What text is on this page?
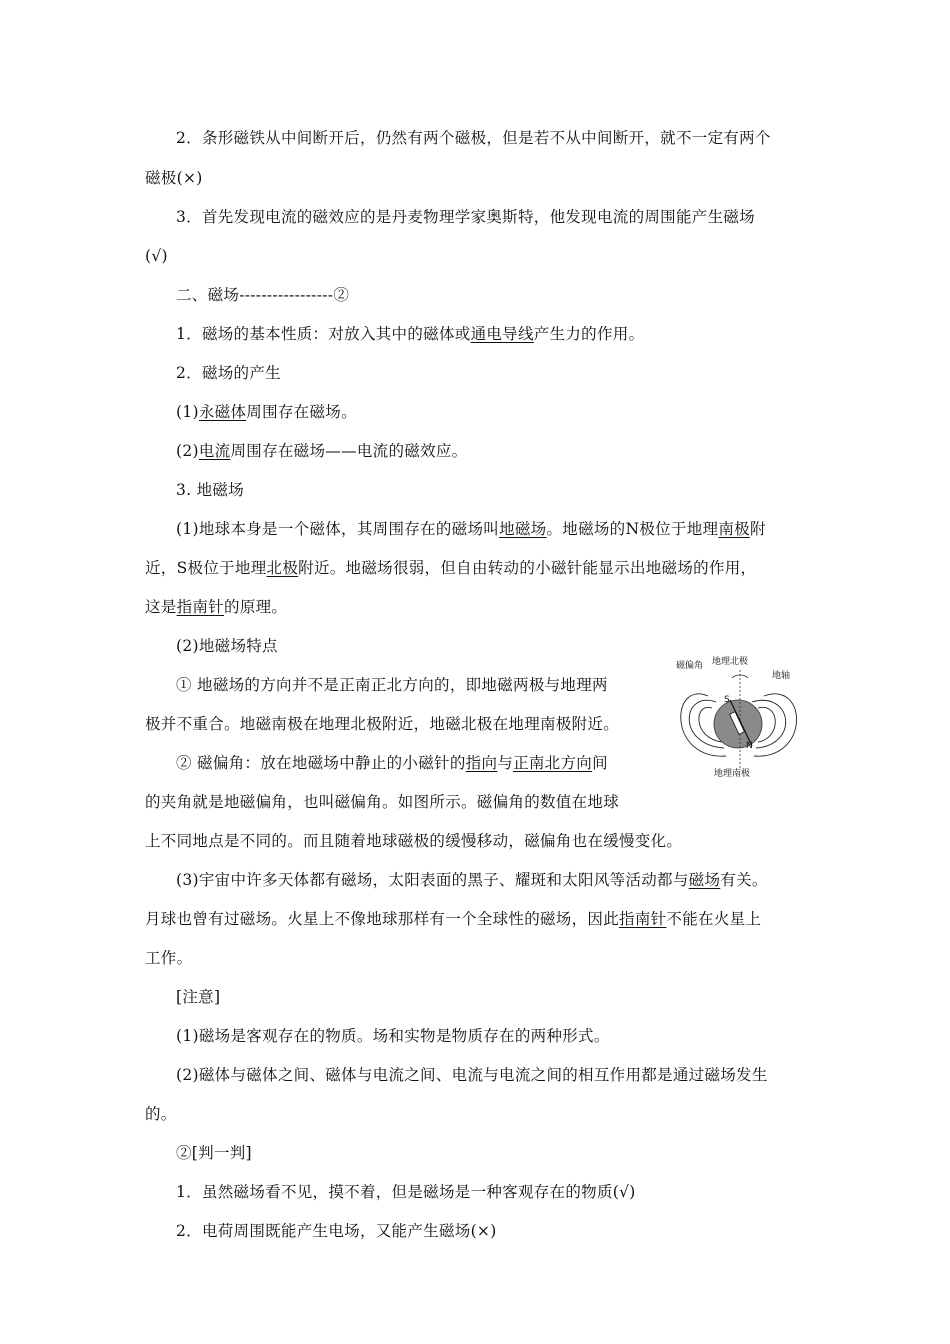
2．条形磁铁从中间断开后，仍然有两个磁极，但是若不从中间断开，就不一定有两个
磁极(×)
3．首先发现电流的磁效应的是丹麦物理学家奥斯特，他发现电流的周围能产生磁场
(√)
二、磁场-----------------②
1．磁场的基本性质：对放入其中的磁体或通电导线产生力的作用。
2．磁场的产生
(1)永磁体周围存在磁场。
(2)电流周围存在磁场——电流的磁效应。
3. 地磁场
(1)地球本身是一个磁体，其周围存在的磁场叫地磁场。地磁场的N极位于地理南极附
近，S极位于地理北极附近。地磁场很弱，但自由转动的小磁针能显示出地磁场的作用，
这是指南针的原理。
(2)地磁场特点
① 地磁场的方向并不是正南正北方向的，即地磁两极与地理两
极并不重合。地磁南极在地理北极附近，地磁北极在地理南极附近。
② 磁偏角：放在地磁场中静止的小磁针的指向与正南北方向间
的夹角就是地磁偏角，也叫磁偏角。如图所示。磁偏角的数值在地球
上不同地点是不同的。而且随着地球磁极的缓慢移动，磁偏角也在缓慢变化。
(3)宇宙中许多天体都有磁场，太阳表面的黑子、耀斑和太阳风等活动都与磁场有关。
月球也曾有过磁场。火星上不像地球那样有一个全球性的磁场，因此指南针不能在火星上
工作。
[注意]
(1)磁场是客观存在的物质。场和实物是物质存在的两种形式。
(2)磁体与磁体之间、磁体与电流之间、电流与电流之间的相互作用都是通过磁场发生
的。
②[判一判]
1．虽然磁场看不见，摸不着，但是磁场是一种客观存在的物质(√)
2．电荷周围既能产生电场，又能产生磁场(×)
磁偏角 地理北极
地轴
S
N
地理南极
